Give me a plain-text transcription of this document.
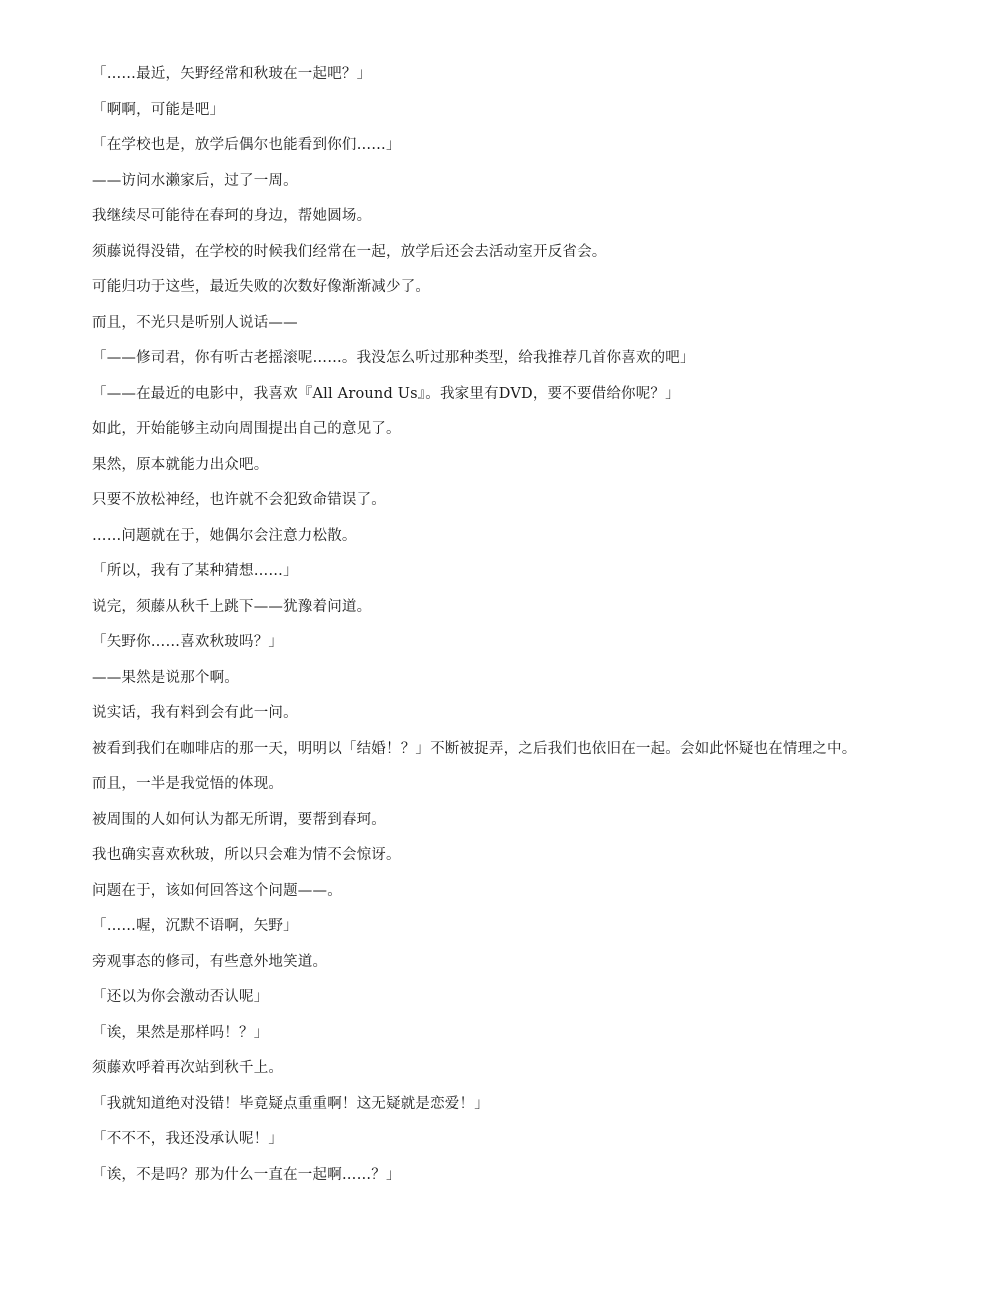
「……最近，矢野经常和秋玻在一起吧？」
「啊啊，可能是吧」
「在学校也是，放学后偶尔也能看到你们……」
——访问水濑家后，过了一周。
我继续尽可能待在春珂的身边，帮她圆场。
须藤说得没错，在学校的时候我们经常在一起，放学后还会去活动室开反省会。
可能归功于这些，最近失败的次数好像渐渐减少了。
而且，不光只是听别人说话——
「——修司君，你有听古老摇滚呢……。我没怎么听过那种类型，给我推荐几首你喜欢的吧」
「——在最近的电影中，我喜欢『All Around Us』。我家里有DVD，要不要借给你呢？」
如此，开始能够主动向周围提出自己的意见了。
果然，原本就能力出众吧。
只要不放松神经，也许就不会犯致命错误了。
……问题就在于，她偶尔会注意力松散。
「所以，我有了某种猜想……」
说完，须藤从秋千上跳下——犹豫着问道。
「矢野你……喜欢秋玻吗？」
——果然是说那个啊。
说实话，我有料到会有此一问。
被看到我们在咖啡店的那一天，明明以「结婚！？」不断被捉弄，之后我们也依旧在一起。会如此怀疑也在情理之中。
而且，一半是我觉悟的体现。
被周围的人如何认为都无所谓，要帮到春珂。
我也确实喜欢秋玻，所以只会难为情不会惊讶。
问题在于，该如何回答这个问题——。
「……喔，沉默不语啊，矢野」
旁观事态的修司，有些意外地笑道。
「还以为你会激动否认呢」
「诶，果然是那样吗！？」
须藤欢呼着再次站到秋千上。
「我就知道绝对没错！毕竟疑点重重啊！这无疑就是恋爱！」
「不不不，我还没承认呢！」
「诶，不是吗？那为什么一直在一起啊……？」
